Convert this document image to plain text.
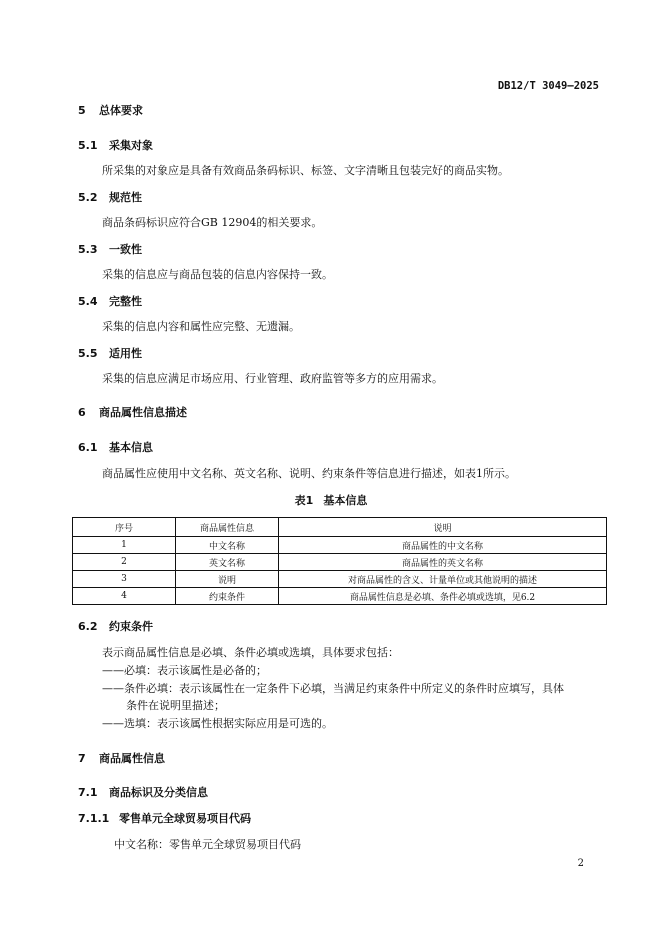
DB12/T 3049—2025
5 总体要求
5.1 采集对象
所采集的对象应是具备有效商品条码标识、标签、文字清晰且包装完好的商品实物。
5.2 规范性
商品条码标识应符合GB 12904的相关要求。
5.3 一致性
采集的信息应与商品包装的信息内容保持一致。
5.4 完整性
采集的信息内容和属性应完整、无遗漏。
5.5 适用性
采集的信息应满足市场应用、行业管理、政府监管等多方的应用需求。
6 商品属性信息描述
6.1 基本信息
商品属性应使用中文名称、英文名称、说明、约束条件等信息进行描述，如表1所示。
表1 基本信息
序号	商品属性信息	说明
1	中文名称	商品属性的中文名称
2	英文名称	商品属性的英文名称
3	说明	对商品属性的含义、计量单位或其他说明的描述
4	约束条件	商品属性信息是必填、条件必填或选填，见6.2
6.2 约束条件
表示商品属性信息是必填、条件必填或选填，具体要求包括：
——必填：表示该属性是必备的；
——条件必填：表示该属性在一定条件下必填，当满足约束条件中所定义的条件时应填写，具体
条件在说明里描述；
——选填：表示该属性根据实际应用是可选的。
7 商品属性信息
7.1 商品标识及分类信息
7.1.1 零售单元全球贸易项目代码
中文名称：零售单元全球贸易项目代码
2
